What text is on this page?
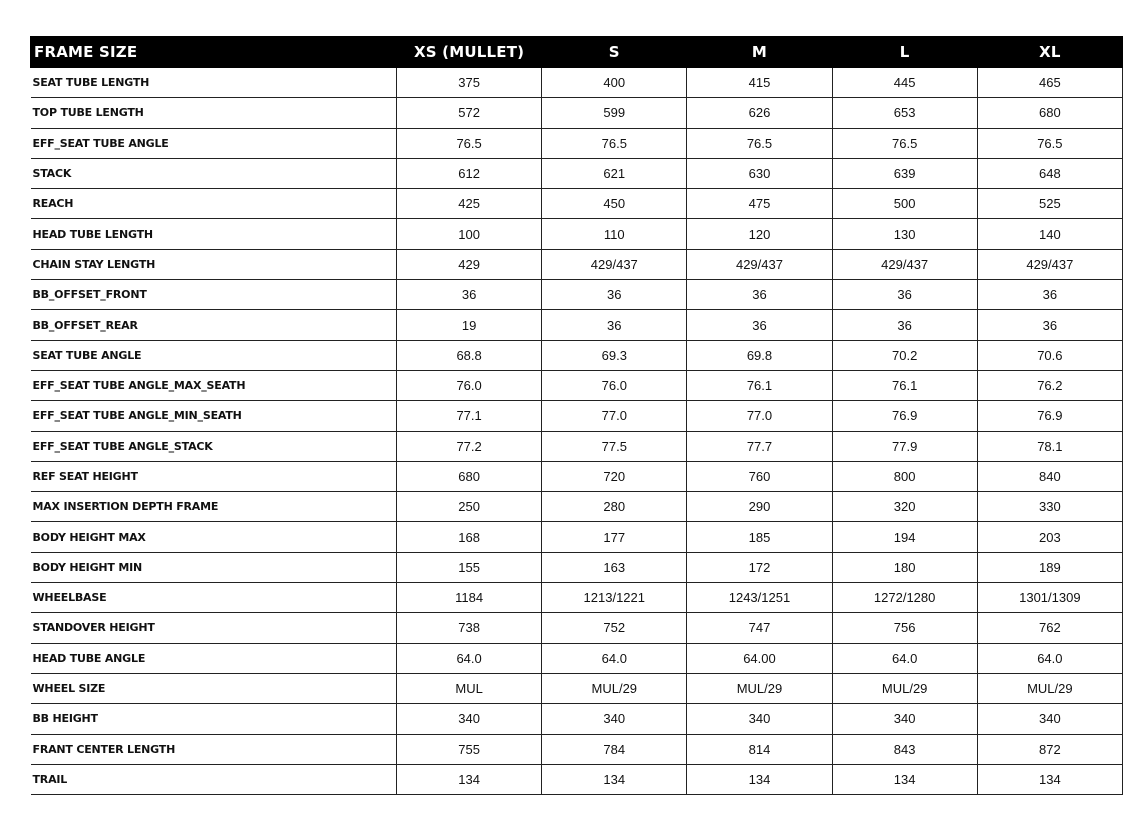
FRAME SIZE	XS (MULLET)	S	M	L	XL
SEAT TUBE LENGTH	375	400	415	445	465
TOP TUBE LENGTH	572	599	626	653	680
EFF_SEAT TUBE ANGLE	76.5	76.5	76.5	76.5	76.5
STACK	612	621	630	639	648
REACH	425	450	475	500	525
HEAD TUBE LENGTH	100	110	120	130	140
CHAIN STAY LENGTH	429	429/437	429/437	429/437	429/437
BB_OFFSET_FRONT	36	36	36	36	36
BB_OFFSET_REAR	19	36	36	36	36
SEAT TUBE ANGLE	68.8	69.3	69.8	70.2	70.6
EFF_SEAT TUBE ANGLE_MAX_SEATH	76.0	76.0	76.1	76.1	76.2
EFF_SEAT TUBE ANGLE_MIN_SEATH	77.1	77.0	77.0	76.9	76.9
EFF_SEAT TUBE ANGLE_STACK	77.2	77.5	77.7	77.9	78.1
REF SEAT HEIGHT	680	720	760	800	840
MAX INSERTION DEPTH FRAME	250	280	290	320	330
BODY HEIGHT MAX	168	177	185	194	203
BODY HEIGHT MIN	155	163	172	180	189
WHEELBASE	1184	1213/1221	1243/1251	1272/1280	1301/1309
STANDOVER HEIGHT	738	752	747	756	762
HEAD TUBE ANGLE	64.0	64.0	64.00	64.0	64.0
WHEEL SIZE	MUL	MUL/29	MUL/29	MUL/29	MUL/29
BB HEIGHT	340	340	340	340	340
FRANT CENTER LENGTH	755	784	814	843	872
TRAIL	134	134	134	134	134
